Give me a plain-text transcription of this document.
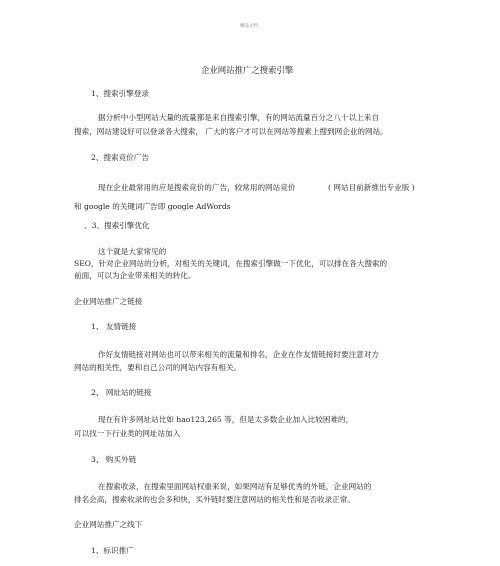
精品文档
企业网站推广之搜索引擎
1、搜索引擎登录
据分析中小型网站大量的流量都是来自搜索引擎，有的网站流量百分之八十以上来自
搜索，网站建设好可以登录各大搜索， 广大的客户才可以在网站等搜素上搜到网企业的网站。
2、搜索竞价广告
现在企业最常用的应是搜索竞价的广告，较常用的网站竞价	( 网站目前新推出专业版 )
和 google 的关键词广告即 google AdWords
、3、搜索引擎优化
这个就是大家常见的
SEO，针对企业网站的分析，对相关的关键词，在搜索引擎做一下优化，可以排在各大搜索的
前面，可以为企业带来相关的转化。
企业网站推广之链接
1、 友情链接
作好友情链接对网站也可以带来相关的流量和排名，企业在作友情链接时要注意对方
网站的相关性，要和自己公司的网站内容有相关。
2、 网址站的链接
现在有许多网址站比如 hao123,265 等，但是太多数企业加入比较困难的，
可以找一下行业类的网址站加入
3、 购买外链
在搜索收录，在搜索里面网站权重来说，如果网站有足够优秀的外链，企业网站的
排名会高，搜索收录的也会多和快，买外链时要注意网站的相关性和是否收录正常。
企业网站推广之线下
1、标识推广
